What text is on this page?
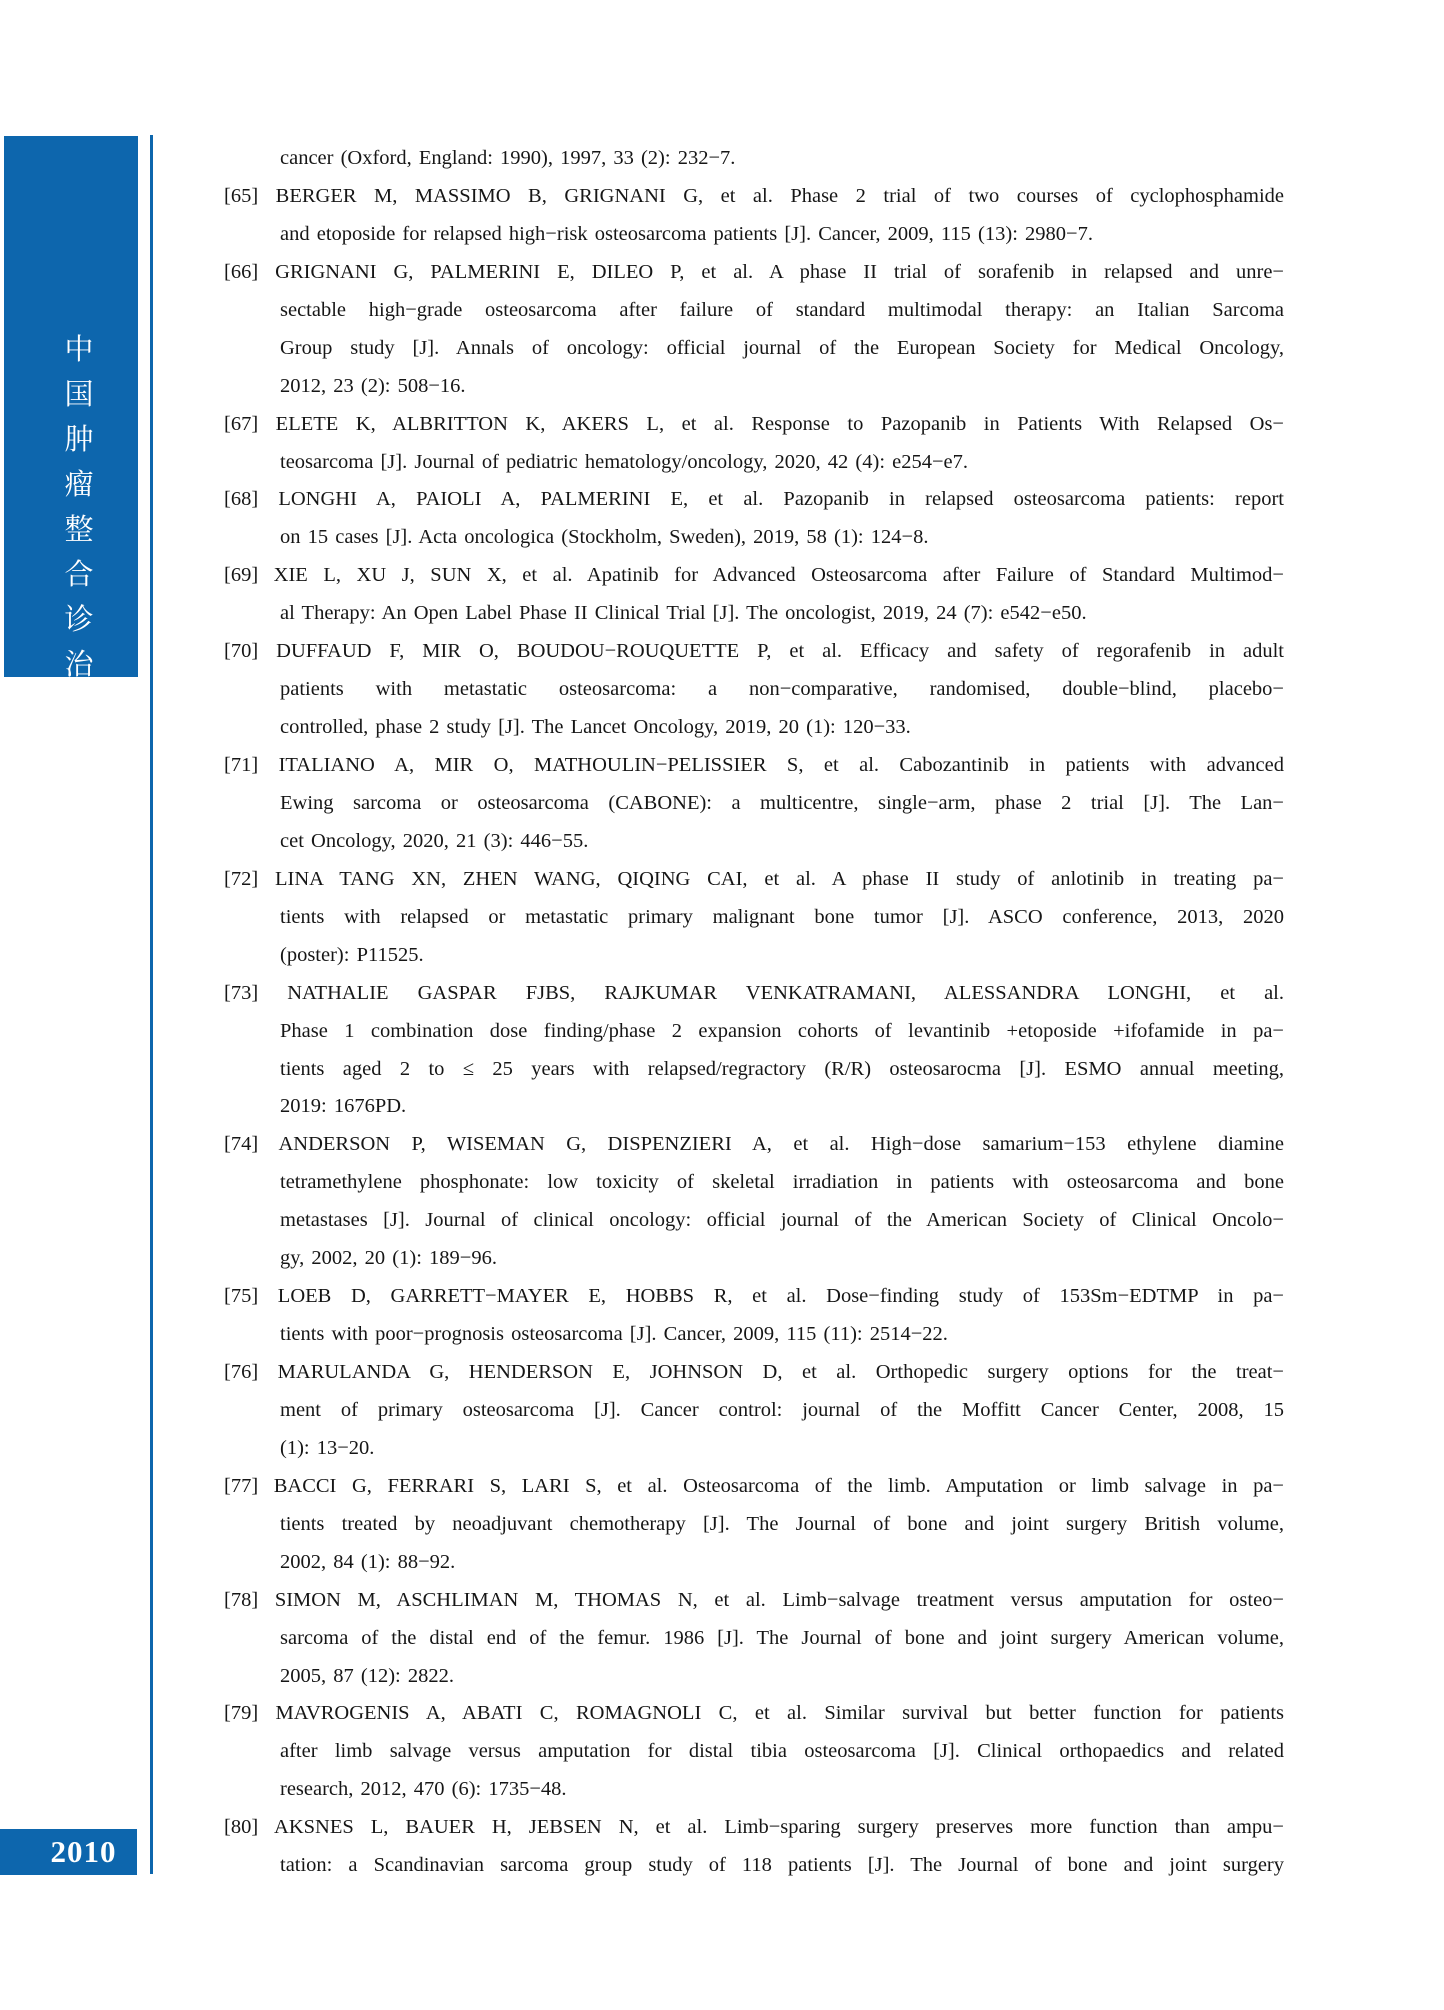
中国肿瘤整合诊治指南
2010
cancer (Oxford, England: 1990), 1997, 33 (2): 232−7.
[65] BERGER M, MASSIMO B, GRIGNANI G, et al. Phase 2 trial of two courses of cyclophosphamide
and etoposide for relapsed high−risk osteosarcoma patients [J]. Cancer, 2009, 115 (13): 2980−7.
[66] GRIGNANI G, PALMERINI E, DILEO P, et al. A phase II trial of sorafenib in relapsed and unre−
sectable high−grade osteosarcoma after failure of standard multimodal therapy: an Italian Sarcoma
Group study [J]. Annals of oncology: official journal of the European Society for Medical Oncology,
2012, 23 (2): 508−16.
[67] ELETE K, ALBRITTON K, AKERS L, et al. Response to Pazopanib in Patients With Relapsed Os−
teosarcoma [J]. Journal of pediatric hematology/oncology, 2020, 42 (4): e254−e7.
[68] LONGHI A, PAIOLI A, PALMERINI E, et al. Pazopanib in relapsed osteosarcoma patients: report
on 15 cases [J]. Acta oncologica (Stockholm, Sweden), 2019, 58 (1): 124−8.
[69] XIE L, XU J, SUN X, et al. Apatinib for Advanced Osteosarcoma after Failure of Standard Multimod−
al Therapy: An Open Label Phase II Clinical Trial [J]. The oncologist, 2019, 24 (7): e542−e50.
[70] DUFFAUD F, MIR O, BOUDOU−ROUQUETTE P, et al. Efficacy and safety of regorafenib in adult
patients with metastatic osteosarcoma: a non−comparative, randomised, double−blind, placebo−
controlled, phase 2 study [J]. The Lancet Oncology, 2019, 20 (1): 120−33.
[71] ITALIANO A, MIR O, MATHOULIN−PELISSIER S, et al. Cabozantinib in patients with advanced
Ewing sarcoma or osteosarcoma (CABONE): a multicentre, single−arm, phase 2 trial [J]. The Lan−
cet Oncology, 2020, 21 (3): 446−55.
[72] LINA TANG XN, ZHEN WANG, QIQING CAI, et al. A phase II study of anlotinib in treating pa−
tients with relapsed or metastatic primary malignant bone tumor [J]. ASCO conference, 2013, 2020
(poster): P11525.
[73] NATHALIE GASPAR FJBS, RAJKUMAR VENKATRAMANI, ALESSANDRA LONGHI, et al.
Phase 1 combination dose finding/phase 2 expansion cohorts of levantinib +etoposide +ifofamide in pa−
tients aged 2 to ≤ 25 years with relapsed/regractory (R/R) osteosarocma [J]. ESMO annual meeting,
2019: 1676PD.
[74] ANDERSON P, WISEMAN G, DISPENZIERI A, et al. High−dose samarium−153 ethylene diamine
tetramethylene phosphonate: low toxicity of skeletal irradiation in patients with osteosarcoma and bone
metastases [J]. Journal of clinical oncology: official journal of the American Society of Clinical Oncolo−
gy, 2002, 20 (1): 189−96.
[75] LOEB D, GARRETT−MAYER E, HOBBS R, et al. Dose−finding study of 153Sm−EDTMP in pa−
tients with poor−prognosis osteosarcoma [J]. Cancer, 2009, 115 (11): 2514−22.
[76] MARULANDA G, HENDERSON E, JOHNSON D, et al. Orthopedic surgery options for the treat−
ment of primary osteosarcoma [J]. Cancer control: journal of the Moffitt Cancer Center, 2008, 15
(1): 13−20.
[77] BACCI G, FERRARI S, LARI S, et al. Osteosarcoma of the limb. Amputation or limb salvage in pa−
tients treated by neoadjuvant chemotherapy [J]. The Journal of bone and joint surgery British volume,
2002, 84 (1): 88−92.
[78] SIMON M, ASCHLIMAN M, THOMAS N, et al. Limb−salvage treatment versus amputation for osteo−
sarcoma of the distal end of the femur. 1986 [J]. The Journal of bone and joint surgery American volume,
2005, 87 (12): 2822.
[79] MAVROGENIS A, ABATI C, ROMAGNOLI C, et al. Similar survival but better function for patients
after limb salvage versus amputation for distal tibia osteosarcoma [J]. Clinical orthopaedics and related
research, 2012, 470 (6): 1735−48.
[80] AKSNES L, BAUER H, JEBSEN N, et al. Limb−sparing surgery preserves more function than ampu−
tation: a Scandinavian sarcoma group study of 118 patients [J]. The Journal of bone and joint surgery
